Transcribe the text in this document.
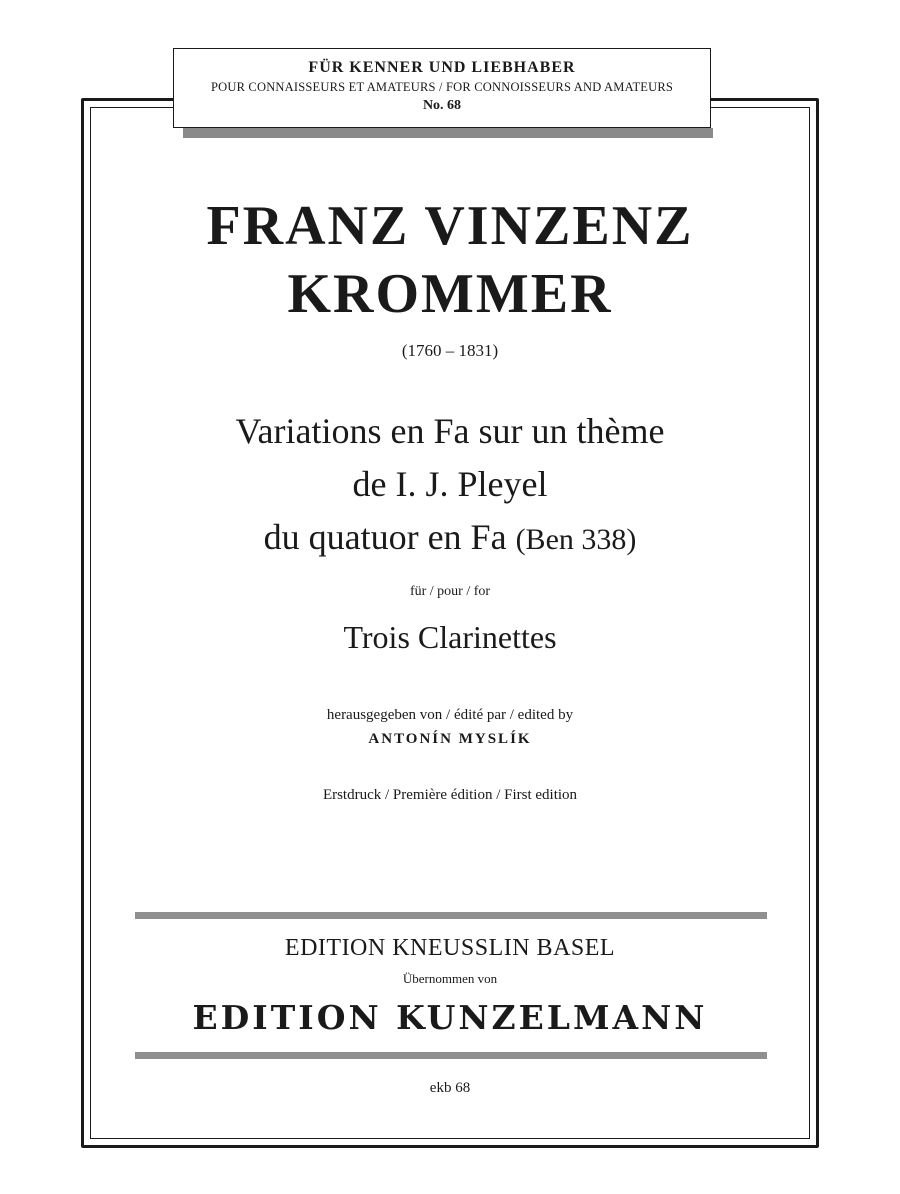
FÜR KENNER UND LIEBHABER
POUR CONNAISSEURS ET AMATEURS / FOR CONNOISSEURS AND AMATEURS
No. 68
FRANZ VINZENZ
KROMMER
(1760 – 1831)
Variations en Fa sur un thème
de I. J. Pleyel
du quatuor en Fa (Ben 338)
für / pour / for
Trois Clarinettes
herausgegeben von / édité par / edited by
ANTONÍN MYSLÍK
Erstdruck / Première édition / First edition
EDITION KNEUSSLIN BASEL
Übernommen von
EDITION KUNZELMANN
ekb 68
